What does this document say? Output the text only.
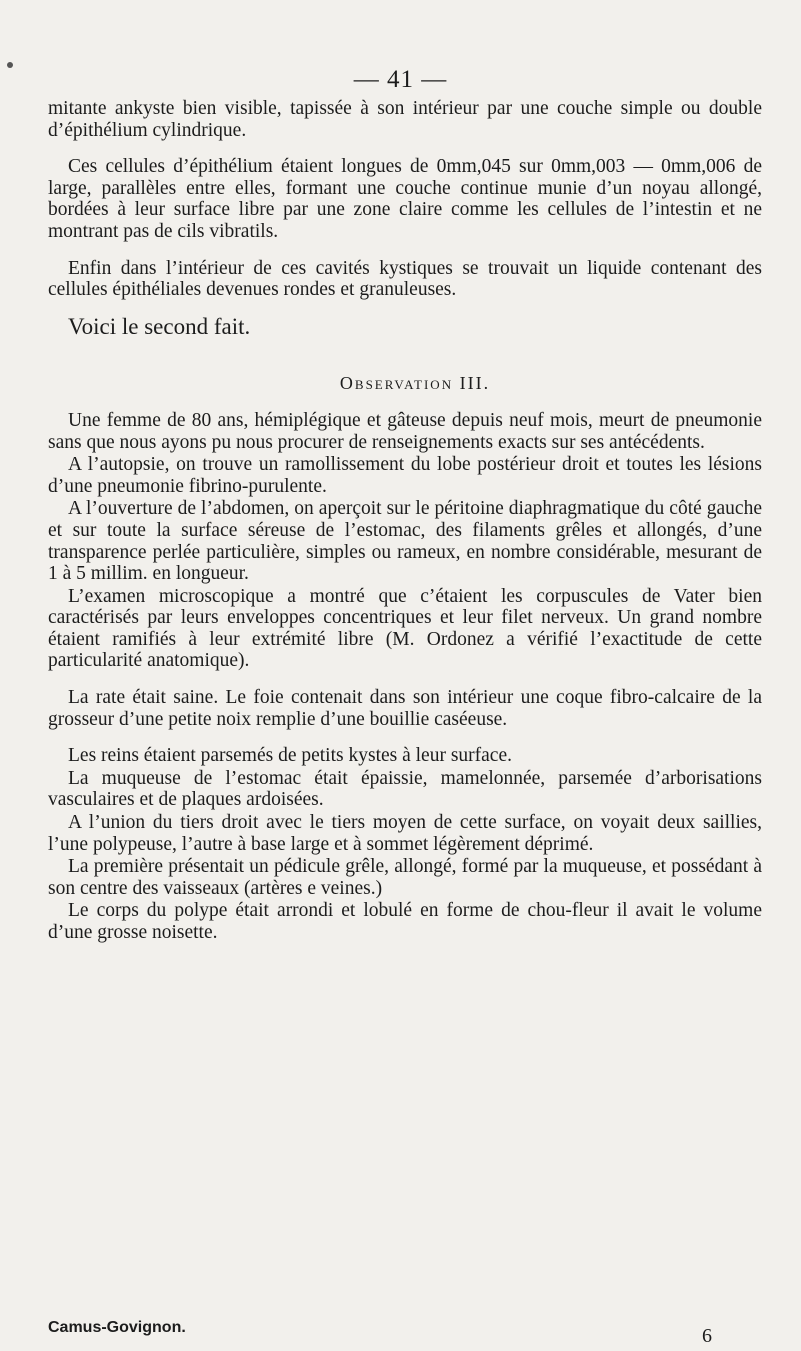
— 41 —

mitante ankyste bien visible, tapissée à son intérieur par une couche simple ou double d’épithélium cylindrique.

Ces cellules d’épithélium étaient longues de 0mm,045 sur 0mm,003 — 0mm,006 de large, parallèles entre elles, formant une couche continue munie d’un noyau allongé, bordées à leur surface libre par une zone claire comme les cellules de l’intestin et ne montrant pas de cils vibratils.

Enfin dans l’intérieur de ces cavités kystiques se trouvait un liquide contenant des cellules épithéliales devenues rondes et granuleuses.

Voici le second fait.

Observation III.

Une femme de 80 ans, hémiplégique et gâteuse depuis neuf mois, meurt de pneumonie sans que nous ayons pu nous procurer de renseignements exacts sur ses antécédents.

A l’autopsie, on trouve un ramollissement du lobe postérieur droit et toutes les lésions d’une pneumonie fibrino-purulente.

A l’ouverture de l’abdomen, on aperçoit sur le péritoine diaphragmatique du côté gauche et sur toute la surface séreuse de l’estomac, des filaments grêles et allongés, d’une transparence perlée particulière, simples ou rameux, en nombre considérable, mesurant de 1 à 5 millim. en longueur.

L’examen microscopique a montré que c’étaient les corpuscules de Vater bien caractérisés par leurs enveloppes concentriques et leur filet nerveux. Un grand nombre étaient ramifiés à leur extrémité libre (M. Ordonez a vérifié l’exactitude de cette particularité anatomique).

La rate était saine. Le foie contenait dans son intérieur une coque fibro-calcaire de la grosseur d’une petite noix remplie d’une bouillie caséeuse.

Les reins étaient parsemés de petits kystes à leur surface.

La muqueuse de l’estomac était épaissie, mamelonnée, parsemée d’arborisations vasculaires et de plaques ardoisées.

A l’union du tiers droit avec le tiers moyen de cette surface, on voyait deux saillies, l’une polypeuse, l’autre à base large et à sommet légèrement déprimé.

La première présentait un pédicule grêle, allongé, formé par la muqueuse, et possédant à son centre des vaisseaux (artères e veines.)

Le corps du polype était arrondi et lobulé en forme de chou-fleur il avait le volume d’une grosse noisette.

Camus-Govignon.	6
